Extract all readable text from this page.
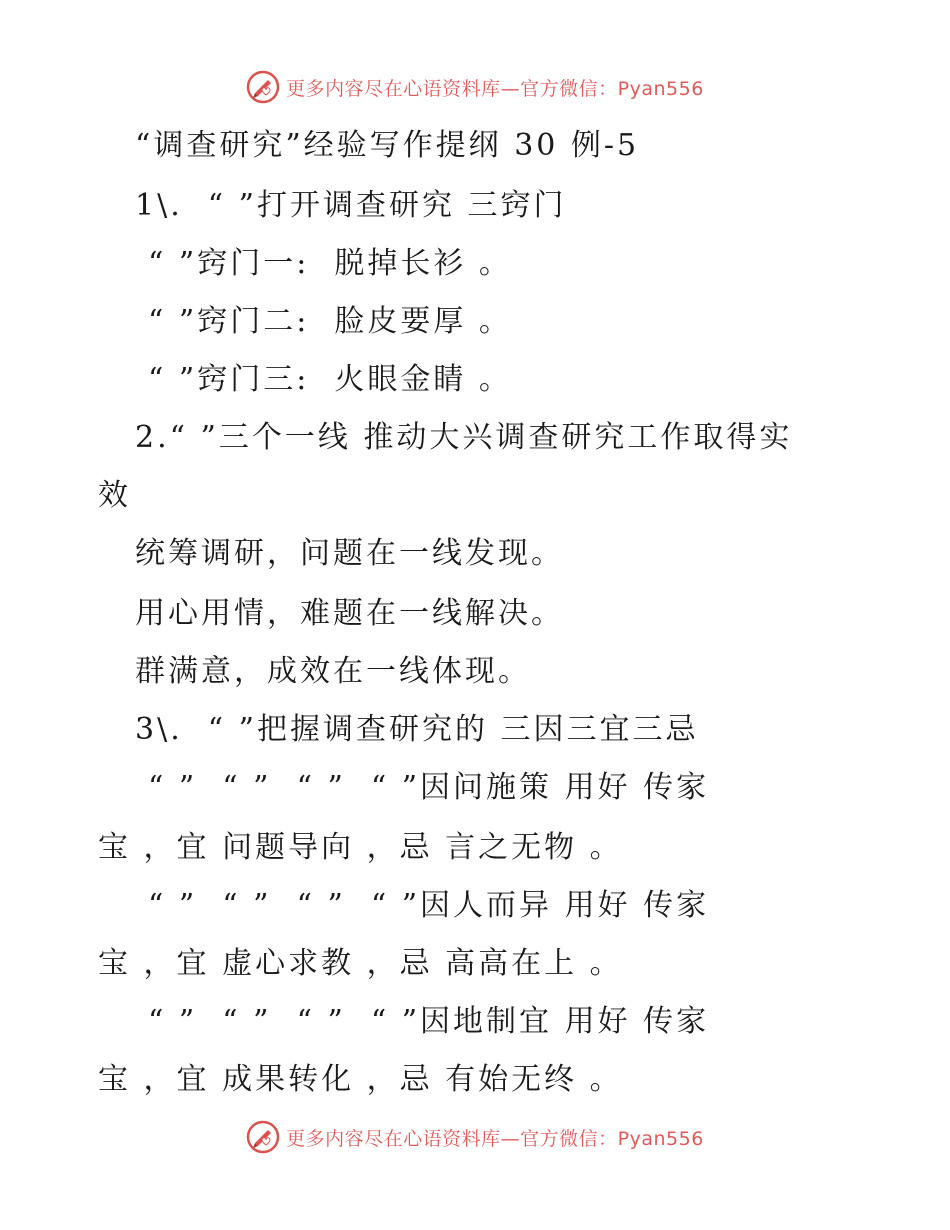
更多内容尽在心语资料库—官方微信：Pyan556
“调查研究”经验写作提纲 30 例-5
1\.  “ ”打开调查研究 三窍门
“ ”窍门一:  脱掉长衫 。
“ ”窍门二:  脸皮要厚 。
“ ”窍门三:  火眼金睛 。
2.“ ”三个一线 推动大兴调查研究工作取得实
效
统筹调研，问题在一线发现。
用心用情，难题在一线解决。
群满意，成效在一线体现。
3\.  “ ”把握调查研究的 三因三宜三忌
“ ”  “ ”  “ ”  “ ”因问施策 用好 传家
宝 ，宜 问题导向 ，忌 言之无物 。
“ ”  “ ”  “ ”  “ ”因人而异 用好 传家
宝 ，宜 虚心求教 ，忌 高高在上 。
“ ”  “ ”  “ ”  “ ”因地制宜 用好 传家
宝 ，宜 成果转化 ，忌 有始无终 。
更多内容尽在心语资料库—官方微信：Pyan556
